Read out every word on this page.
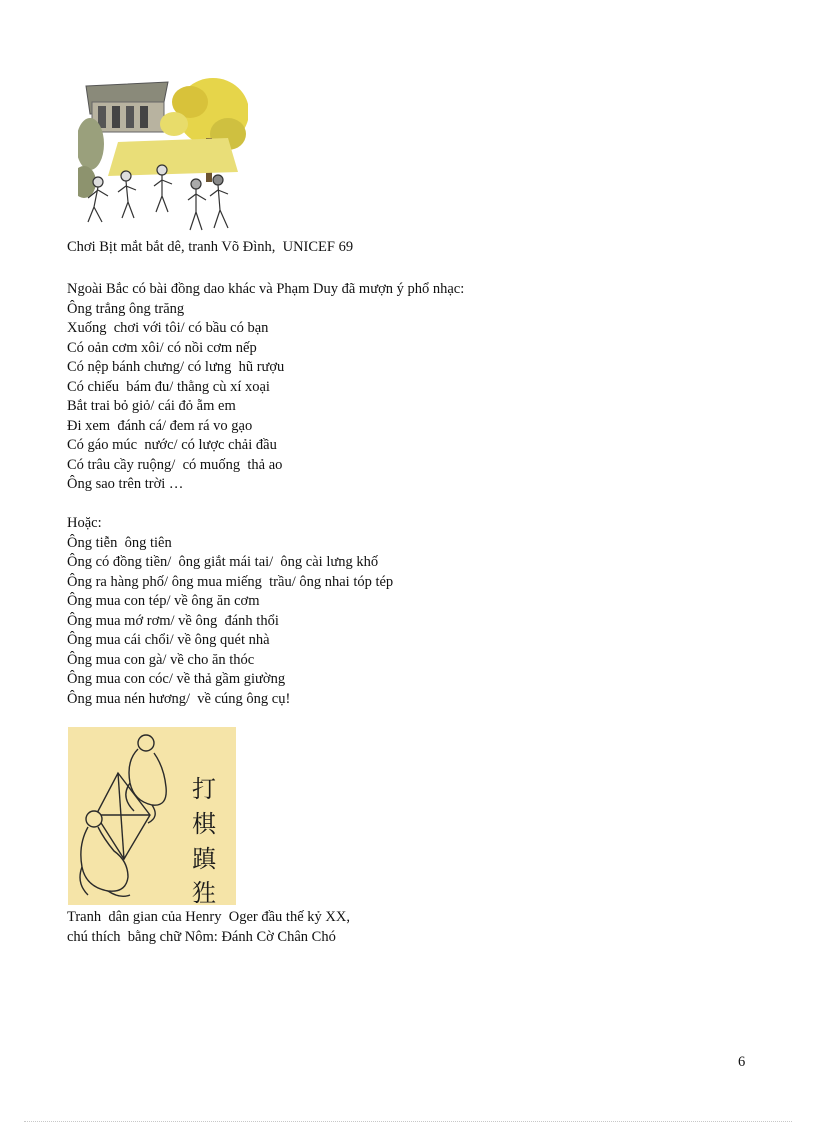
Chơi Bịt mắt bắt dê, tranh Võ Đình,  UNICEF 69
Ngoài Bắc có bài đồng dao khác và Phạm Duy đã mượn ý phổ nhạc:
Ông trẳng ông trăng
Xuống  chơi với tôi/ có bầu có bạn
Có oản cơm xôi/ có nồi cơm nếp
Có nệp bánh chưng/ có lưng  hũ rượu
Có chiếu  bám đu/ thằng cù xí xoại
Bắt trai bỏ giỏ/ cái đỏ ẵm em
Đi xem  đánh cá/ đem rá vo gạo
Có gáo múc  nước/ có lược chải đầu
Có trâu cầy ruộng/  có muống  thả ao
Ông sao trên trời …
Hoặc:
Ông tiễn  ông tiên
Ông có đồng tiền/  ông giắt mái tai/  ông cài lưng khố
Ông ra hàng phố/ ông mua miếng  trầu/ ông nhai tóp tép
Ông mua con tép/ về ông ăn cơm
Ông mua mớ rơm/ về ông  đánh thổi
Ông mua cái chổi/ về ông quét nhà
Ông mua con gà/ về cho ăn thóc
Ông mua con cóc/ về thả gầm giường
Ông mua nén hương/  về cúng ông cụ!
打
棋
蹎
狌
Tranh  dân gian của Henry  Oger đầu thế kỷ XX,
chú thích  bằng chữ Nôm: Đánh Cờ Chân Chó
6
